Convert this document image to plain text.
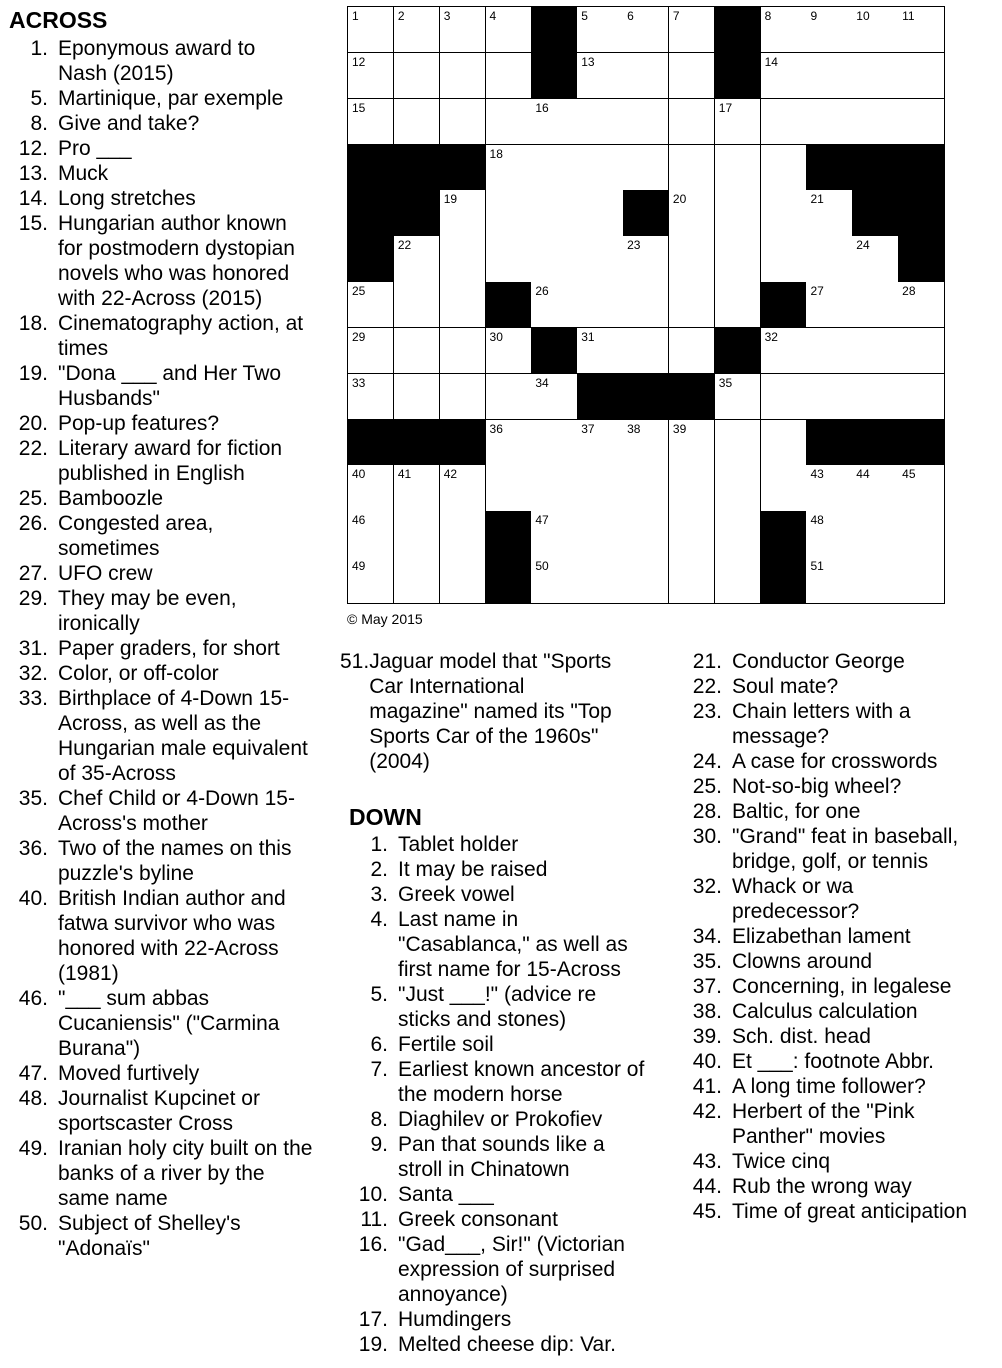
ACROSS
1. Eponymous award to
Nash (2015)
5. Martinique, par exemple
8. Give and take?
12. Pro ___
13. Muck
14. Long stretches
15. Hungarian author known
for postmodern dystopian
novels who was honored
with 22-Across (2015)
18. Cinematography action, at
times
19. "Dona ___ and Her Two
Husbands"
20. Pop-up features?
22. Literary award for fiction
published in English
25. Bamboozle
26. Congested area,
sometimes
27. UFO crew
29. They may be even,
ironically
31. Paper graders, for short
32. Color, or off-color
33. Birthplace of 4-Down 15-
Across, as well as the
Hungarian male equivalent
of 35-Across
35. Chef Child or 4-Down 15-
Across's mother
36. Two of the names on this
puzzle's byline
40. British Indian author and
fatwa survivor who was
honored with 22-Across
(1981)
46. "___ sum abbas
Cucaniensis" ("Carmina
Burana")
47. Moved furtively
48. Journalist Kupcinet or
sportscaster Cross
49. Iranian holy city built on the
banks of a river by the
same name
50. Subject of Shelley's
"Adonaïs"
1	2	3	4	5	6	7	8	9	10	11
12	13	14
15	16	17
18
19	20	21
22	23	24
25	26	27	28
29	30	31	32
33	34	35
36	37	38	39
40	41	42	43	44	45
46	47	48
49	50	51
© May 2015
51. Jaguar model that "Sports
Car International
magazine" named its "Top
Sports Car of the 1960s"
(2004)
DOWN
1. Tablet holder
2. It may be raised
3. Greek vowel
4. Last name in
"Casablanca," as well as
first name for 15-Across
5. "Just ___!" (advice re
sticks and stones)
6. Fertile soil
7. Earliest known ancestor of
the modern horse
8. Diaghilev or Prokofiev
9. Pan that sounds like a
stroll in Chinatown
10. Santa ___
11. Greek consonant
16. "Gad___, Sir!" (Victorian
expression of surprised
annoyance)
17. Humdingers
19. Melted cheese dip: Var.
21. Conductor George
22. Soul mate?
23. Chain letters with a
message?
24. A case for crosswords
25. Not-so-big wheel?
28. Baltic, for one
30. "Grand" feat in baseball,
bridge, golf, or tennis
32. Whack or wa
predecessor?
34. Elizabethan lament
35. Clowns around
37. Concerning, in legalese
38. Calculus calculation
39. Sch. dist. head
40. Et ___: footnote Abbr.
41. A long time follower?
42. Herbert of the "Pink
Panther" movies
43. Twice cinq
44. Rub the wrong way
45. Time of great anticipation
